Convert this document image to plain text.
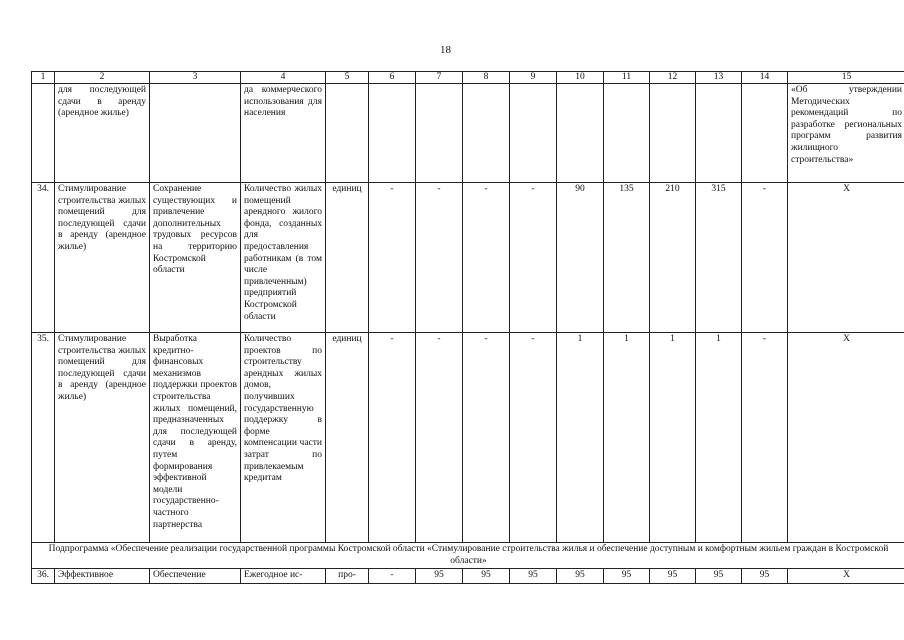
18
1	2	3	4	5	6	7	8	9	10	11	12	13	14	15
	для последующей сдачи в аренду (арендное жилье)		да коммерческого использования для населения											«Об утверждении Методических рекомендаций по разработке региональных программ развития жилищного строительства»
34.	Стимулирование строительства жилых помещений для последующей сдачи в аренду (арендное жилье)	Сохранение существующих и привлечение дополнительных трудовых ресурсов на территорию Костромской области	Количество жилых помещений арендного жилого фонда, созданных для предоставления работникам (в том числе привлеченным) предприятий Костромской области	единиц	-	-	-	-	90	135	210	315	-	X
35.	Стимулирование строительства жилых помещений для последующей сдачи в аренду (арендное жилье)	Выработка кредитно-финансовых механизмов поддержки проектов строительства жилых помещений, предназначенных для последующей сдачи в аренду, путем формирования эффективной модели государственно-частного партнерства	Количество проектов по строительству арендных жилых домов, получивших государственную поддержку в форме компенсации части затрат по привлекаемым кредитам	единиц	-	-	-	-	1	1	1	1	-	X
Подпрограмма «Обеспечение реализации государственной программы Костромской области «Стимулирование строительства жилья и обеспечение доступным и комфортным жильем граждан в Костромской области»														
36.	Эффективное	Обеспечение	Ежегодное ис-	про-	-	95	95	95	95	95	95	95	95	X
